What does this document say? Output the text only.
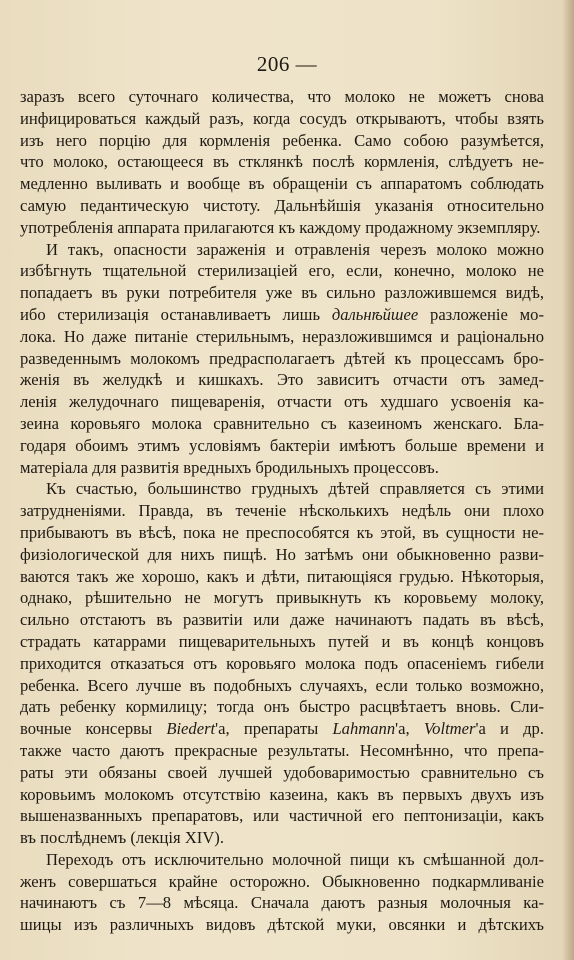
206 —
заразъ всего суточнаго количества, что молоко не можетъ снова
инфицироваться каждый разъ, когда сосудъ открываютъ, чтобы взять
изъ него порцію для кормленія ребенка. Само собою разумѣется,
что молоко, остающееся въ стклянкѣ послѣ кормленія, слѣдуетъ не-
медленно выливать и вообще въ обращеніи съ аппаратомъ соблюдать
самую педантическую чистоту. Дальнѣйшія указанія относительно
употребленія аппарата прилагаются къ каждому продажному экземпляру.
И такъ, опасности зараженія и отравленія черезъ молоко можно
избѣгнуть тщательной стерилизаціей его, если, конечно, молоко не
попадаетъ въ руки потребителя уже въ сильно разложившемся видѣ,
ибо стерилизація останавливаетъ лишь дальнѣйшее разложеніе мо-
лока. Но даже питаніе стерильнымъ, неразложившимся и раціонально
разведеннымъ молокомъ предрасполагаетъ дѣтей къ процессамъ бро-
женія въ желудкѣ и кишкахъ. Это зависитъ отчасти отъ замед-
ленія желудочнаго пищеваренія, отчасти отъ худшаго усвоенія ка-
зеина коровьяго молока сравнительно съ казеиномъ женскаго. Бла-
годаря обоимъ этимъ условіямъ бактеріи имѣютъ больше времени и
матеріала для развитія вредныхъ бродильныхъ процессовъ.
Къ счастью, большинство грудныхъ дѣтей справляется съ этими
затрудненіями. Правда, въ теченіе нѣсколькихъ недѣль они плохо
прибываютъ въ вѣсѣ, пока не преспособятся къ этой, въ сущности не-
физіологической для нихъ пищѣ. Но затѣмъ они обыкновенно разви-
ваются такъ же хорошо, какъ и дѣти, питающіяся грудью. Нѣкоторыя,
однако, рѣшительно не могутъ привыкнуть къ коровьему молоку,
сильно отстаютъ въ развитіи или даже начинаютъ падать въ вѣсѣ,
страдать катаррами пищеварительныхъ путей и въ концѣ концовъ
приходится отказаться отъ коровьяго молока подъ опасеніемъ гибели
ребенка. Всего лучше въ подобныхъ случаяхъ, если только возможно,
дать ребенку кормилицу; тогда онъ быстро расцвѣтаетъ вновь. Сли-
вочные консервы Biedert'а, препараты Lahmann'а, Voltmer'а и др.
также часто даютъ прекрасные результаты. Несомнѣнно, что препа-
раты эти обязаны своей лучшей удобоваримостью сравнительно съ
коровьимъ молокомъ отсутствію казеина, какъ въ первыхъ двухъ изъ
вышеназванныхъ препаратовъ, или частичной его пептонизаціи, какъ
въ послѣднемъ (лекція XIV).
Переходъ отъ исключительно молочной пищи къ смѣшанной дол-
женъ совершаться крайне осторожно. Обыкновенно подкармливаніе
начинаютъ съ 7—8 мѣсяца. Сначала даютъ разныя молочныя ка-
шицы изъ различныхъ видовъ дѣтской муки, овсянки и дѣтскихъ
